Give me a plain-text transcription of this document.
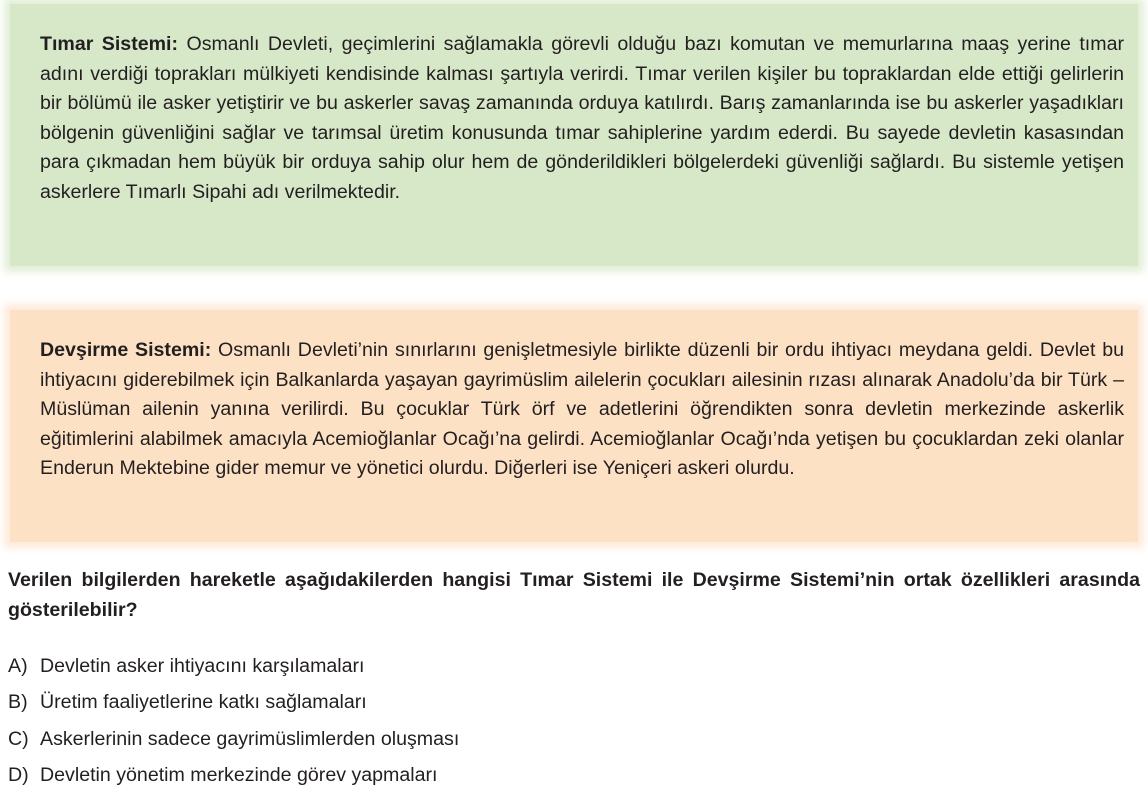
Tımar Sistemi: Osmanlı Devleti, geçimlerini sağlamakla görevli olduğu bazı komutan ve memurlarına maaş yerine tımar adını verdiği toprakları mülkiyeti kendisinde kalması şartıyla verirdi. Tımar verilen kişiler bu topraklardan elde ettiği gelirlerin bir bölümü ile asker yetiştirir ve bu askerler savaş zamanında orduya katılırdı. Barış zamanlarında ise bu askerler yaşadıkları bölgenin güvenliğini sağlar ve tarımsal üretim konusunda tımar sahiplerine yardım ederdi. Bu sayede devletin kasasından para çıkmadan hem büyük bir orduya sahip olur hem de gönderildikleri bölgelerdeki güvenliği sağlardı. Bu sistemle yetişen askerlere Tımarlı Sipahi adı verilmektedir.

Devşirme Sistemi: Osmanlı Devleti’nin sınırlarını genişletmesiyle birlikte düzenli bir ordu ihtiyacı meydana geldi. Devlet bu ihtiyacını giderebilmek için Balkanlarda yaşayan gayrimüslim ailelerin çocukları ailesinin rızası alınarak Anadolu’da bir Türk – Müslüman ailenin yanına verilirdi. Bu çocuklar Türk örf ve adetlerini öğrendikten sonra devletin merkezinde askerlik eğitimlerini alabilmek amacıyla Acemioğlanlar Ocağı’na gelirdi. Acemioğlanlar Ocağı’nda yetişen bu çocuklardan zeki olanlar Enderun Mektebine gider memur ve yönetici olurdu. Diğerleri ise Yeniçeri askeri olurdu.

Verilen bilgilerden hareketle aşağıdakilerden hangisi Tımar Sistemi ile Devşirme Sistemi’nin ortak özellikleri arasında gösterilebilir?

A) Devletin asker ihtiyacını karşılamaları
B) Üretim faaliyetlerine katkı sağlamaları
C) Askerlerinin sadece gayrimüslimlerden oluşması
D) Devletin yönetim merkezinde görev yapmaları
